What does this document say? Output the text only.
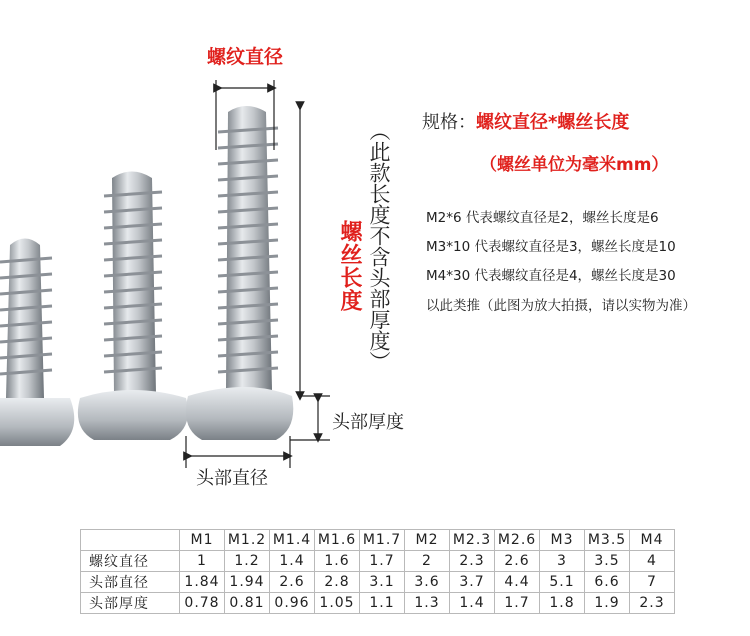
螺纹直径
螺丝长度 （此款长度不含头部厚度）
头部厚度
头部直径
规格：螺纹直径*螺丝长度
（螺丝单位为毫米mm）
M2*6 代表螺纹直径是2，螺丝长度是6
M3*10 代表螺纹直径是3，螺丝长度是10
M4*30 代表螺纹直径是4，螺丝长度是30
以此类推（此图为放大拍摄，请以实物为准）
	M1	M1.2	M1.4	M1.6	M1.7	M2	M2.3	M2.6	M3	M3.5	M4
螺纹直径	1	1.2	1.4	1.6	1.7	2	2.3	2.6	3	3.5	4
头部直径	1.84	1.94	2.6	2.8	3.1	3.6	3.7	4.4	5.1	6.6	7
头部厚度	0.78	0.81	0.96	1.05	1.1	1.3	1.4	1.7	1.8	1.9	2.3
